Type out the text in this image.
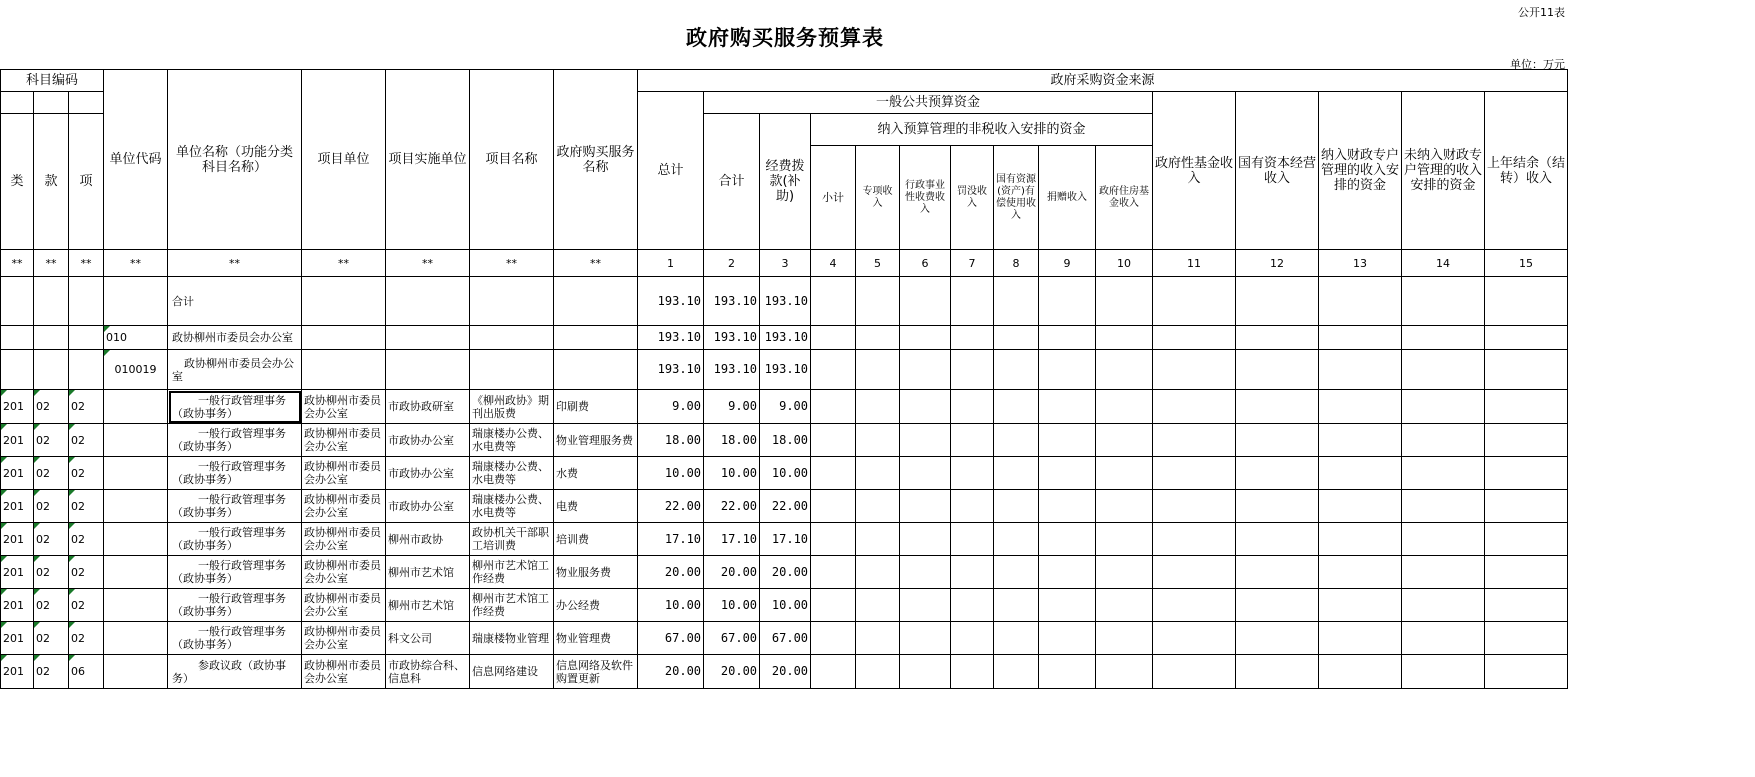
公开11表
政府购买服务预算表
单位：万元
科目编码			单位代码	单位名称（功能分类科目名称）	项目单位	项目实施单位	项目名称	政府购买服务名称	政府采购资金来源														
									总计	一般公共预算资金									政府性基金收入	国有资本经营收入	纳入财政专户管理的收入安排的资金	未纳入财政专户管理的收入安排的资金	上年结余（结转）收入
类	款	项								合计	经费拨款(补助)	纳入预算管理的非税收入安排的资金											
												小计	专项收入	行政事业性收费收入	罚没收入	国有资源(资产)有偿使用收入	捐赠收入	政府住房基金收入					
**	**	**	**	**	**	**	**	**	1	2	3	4	5	6	7	8	9	10	11	12	13	14	15
				合计					193.10	193.10	193.10												
			010	政协柳州市委员会办公室					193.10	193.10	193.10												
			010019	政协柳州市委员会办公室					193.10	193.10	193.10												
201	02	02		一般行政管理事务（政协事务）	政协柳州市委员会办公室	市政协政研室	《柳州政协》期刊出版费	印刷费	9.00	9.00	9.00												
201	02	02		一般行政管理事务（政协事务）	政协柳州市委员会办公室	市政协办公室	瑞康楼办公费、水电费等	物业管理服务费	18.00	18.00	18.00												
201	02	02		一般行政管理事务（政协事务）	政协柳州市委员会办公室	市政协办公室	瑞康楼办公费、水电费等	水费	10.00	10.00	10.00												
201	02	02		一般行政管理事务（政协事务）	政协柳州市委员会办公室	市政协办公室	瑞康楼办公费、水电费等	电费	22.00	22.00	22.00												
201	02	02		一般行政管理事务（政协事务）	政协柳州市委员会办公室	柳州市政协	政协机关干部职工培训费	培训费	17.10	17.10	17.10												
201	02	02		一般行政管理事务（政协事务）	政协柳州市委员会办公室	柳州市艺术馆	柳州市艺术馆工作经费	物业服务费	20.00	20.00	20.00												
201	02	02		一般行政管理事务（政协事务）	政协柳州市委员会办公室	柳州市艺术馆	柳州市艺术馆工作经费	办公经费	10.00	10.00	10.00												
201	02	02		一般行政管理事务（政协事务）	政协柳州市委员会办公室	科文公司	瑞康楼物业管理	物业管理费	67.00	67.00	67.00												
201	02	06		参政议政（政协事务）	政协柳州市委员会办公室	市政协综合科、信息科	信息网络建设	信息网络及软件购置更新	20.00	20.00	20.00												
